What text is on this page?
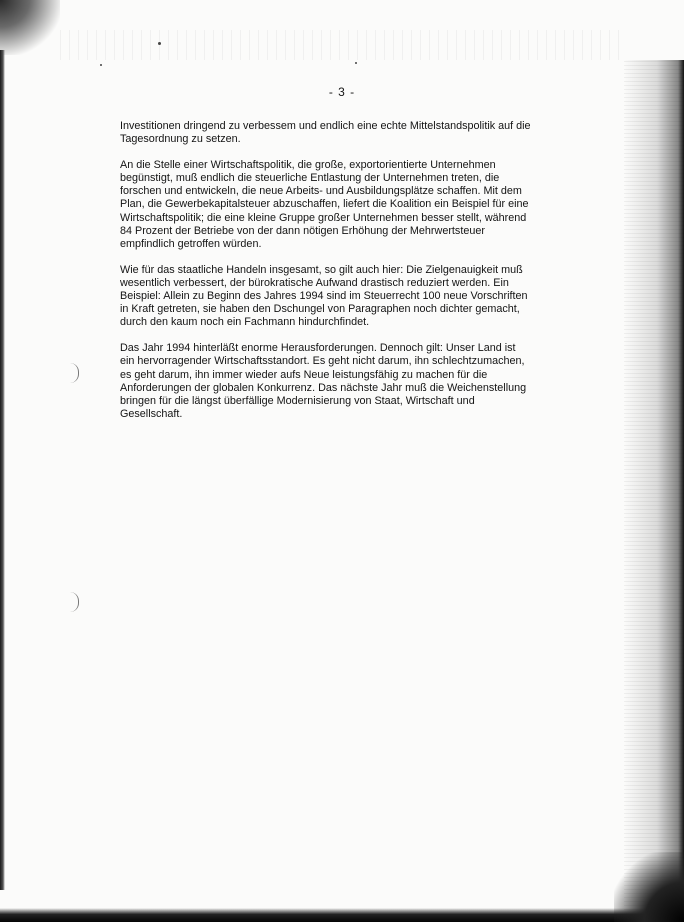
- 3 -

Investitionen dringend zu verbessem und endlich eine echte Mittelstandspolitik auf die
Tagesordnung zu setzen.

An die Stelle einer Wirtschaftspolitik, die große, exportorientierte Unternehmen
begünstigt, muß endlich die steuerliche Entlastung der Unternehmen treten, die
forschen und entwickeln, die neue Arbeits- und Ausbildungsplätze schaffen. Mit dem
Plan, die Gewerbekapitalsteuer abzuschaffen, liefert die Koalition ein Beispiel für eine
Wirtschaftspolitik; die eine kleine Gruppe großer Unternehmen besser stellt, während
84 Prozent der Betriebe von der dann nötigen Erhöhung der Mehrwertsteuer
empfindlich getroffen würden.

Wie für das staatliche Handeln insgesamt, so gilt auch hier: Die Zielgenauigkeit muß
wesentlich verbessert, der bürokratische Aufwand drastisch reduziert werden. Ein
Beispiel: Allein zu Beginn des Jahres 1994 sind im Steuerrecht 100 neue Vorschriften
in Kraft getreten, sie haben den Dschungel von Paragraphen noch dichter gemacht,
durch den kaum noch ein Fachmann hindurchfindet.

Das Jahr 1994 hinterläßt enorme Herausforderungen. Dennoch gilt: Unser Land ist
ein hervorragender Wirtschaftsstandort. Es geht nicht darum, ihn schlechtzumachen,
es geht darum, ihn immer wieder aufs Neue leistungsfähig zu machen für die
Anforderungen der globalen Konkurrenz. Das nächste Jahr muß die Weichenstellung
bringen für die längst überfällige Modernisierung von Staat, Wirtschaft und
Gesellschaft.
